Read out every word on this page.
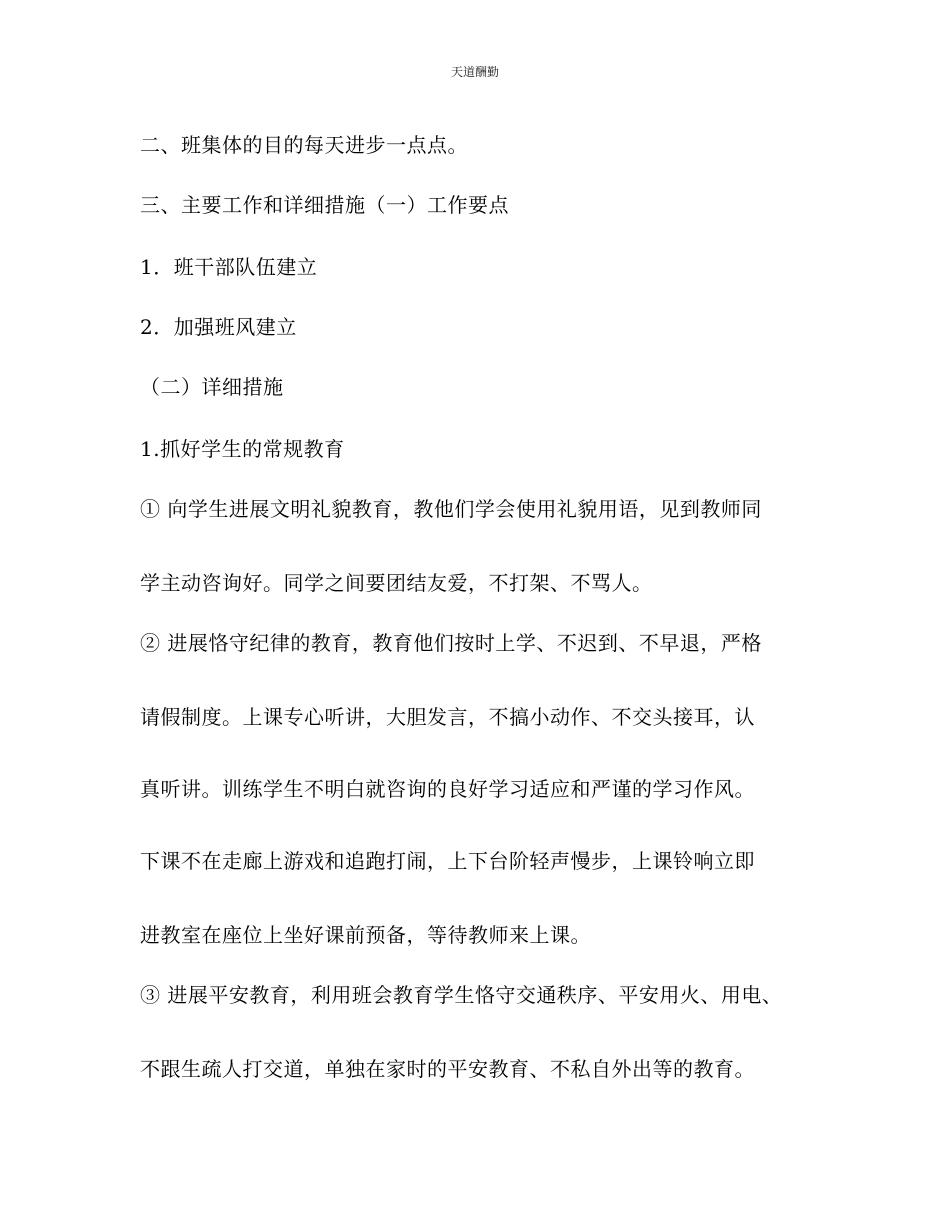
天道酬勤
二、班集体的目的每天进步一点点。
三、主要工作和详细措施（一）工作要点
1．班干部队伍建立
2．加强班风建立
（二）详细措施
1.抓好学生的常规教育
① 向学生进展文明礼貌教育，教他们学会使用礼貌用语，见到教师同
学主动咨询好。同学之间要团结友爱，不打架、不骂人。
② 进展恪守纪律的教育，教育他们按时上学、不迟到、不早退，严格
请假制度。上课专心听讲，大胆发言，不搞小动作、不交头接耳，认
真听讲。训练学生不明白就咨询的良好学习适应和严谨的学习作风。
下课不在走廊上游戏和追跑打闹，上下台阶轻声慢步，上课铃响立即
进教室在座位上坐好课前预备，等待教师来上课。
③ 进展平安教育，利用班会教育学生恪守交通秩序、平安用火、用电、
不跟生疏人打交道，单独在家时的平安教育、不私自外出等的教育。
